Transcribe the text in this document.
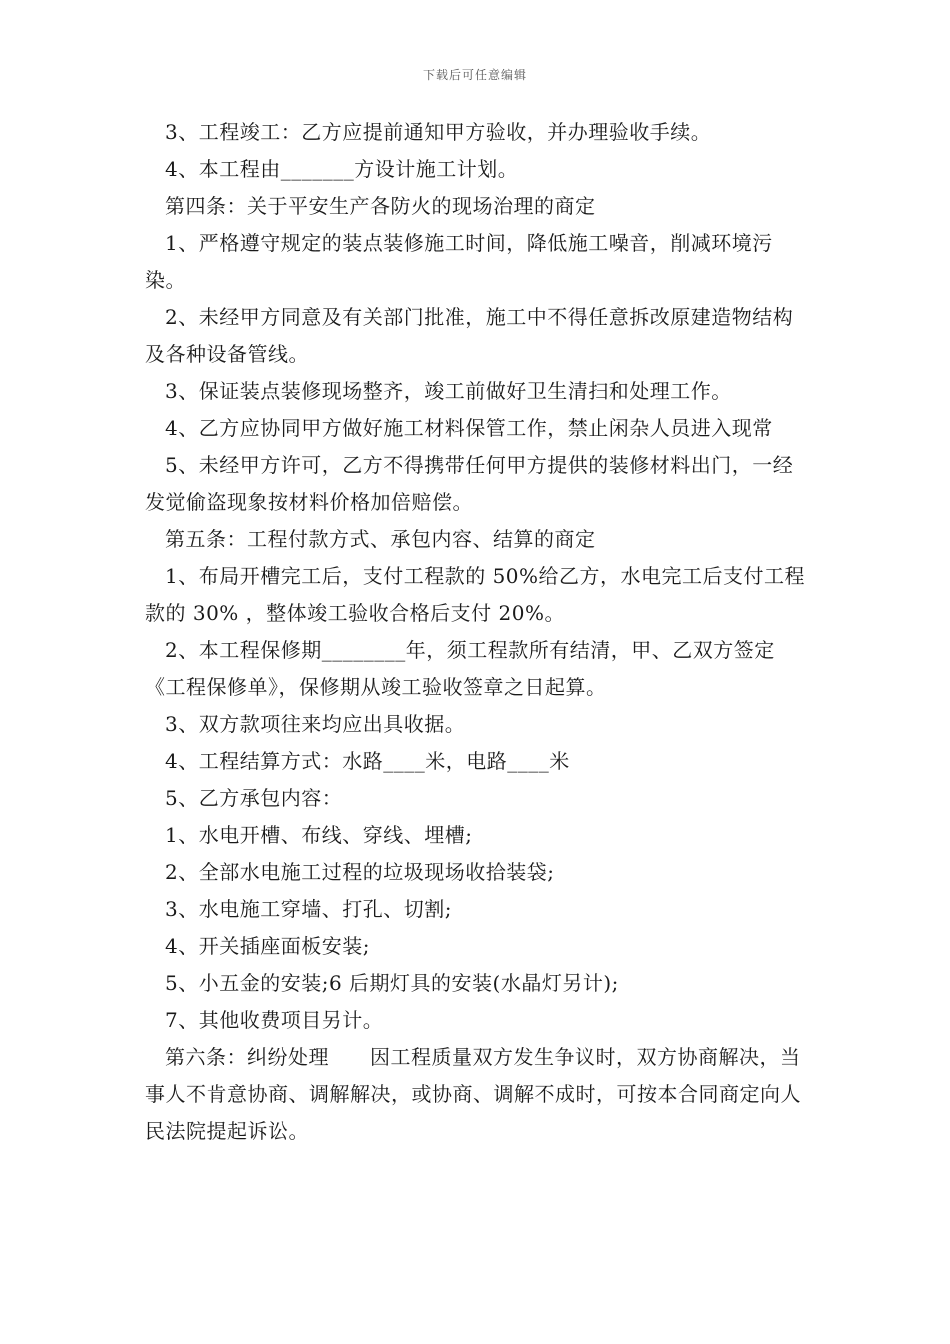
下载后可任意编辑

3、工程竣工：乙方应提前通知甲方验收，并办理验收手续。

4、本工程由_______方设计施工计划。

第四条：关于平安生产各防火的现场治理的商定

1、严格遵守规定的装点装修施工时间，降低施工噪音，削减环境污染。

2、未经甲方同意及有关部门批准，施工中不得任意拆改原建造物结构及各种设备管线。

3、保证装点装修现场整齐，竣工前做好卫生清扫和处理工作。

4、乙方应协同甲方做好施工材料保管工作，禁止闲杂人员进入现常

5、未经甲方许可，乙方不得携带任何甲方提供的装修材料出门，一经发觉偷盗现象按材料价格加倍赔偿。

第五条：工程付款方式、承包内容、结算的商定

1、布局开槽完工后，支付工程款的 50%给乙方，水电完工后支付工程款的 30% ，整体竣工验收合格后支付 20%。

2、本工程保修期________年，须工程款所有结清，甲、乙双方签定《工程保修单》，保修期从竣工验收签章之日起算。

3、双方款项往来均应出具收据。

4、工程结算方式：水路____米，电路____米

5、乙方承包内容：

1、水电开槽、布线、穿线、埋槽;

2、全部水电施工过程的垃圾现场收拾装袋;

3、水电施工穿墙、打孔、切割;

4、开关插座面板安装;

5、小五金的安装;6 后期灯具的安装(水晶灯另计);

7、其他收费项目另计。

第六条：纠纷处理　　因工程质量双方发生争议时，双方协商解决，当事人不肯意协商、调解解决，或协商、调解不成时，可按本合同商定向人民法院提起诉讼。
